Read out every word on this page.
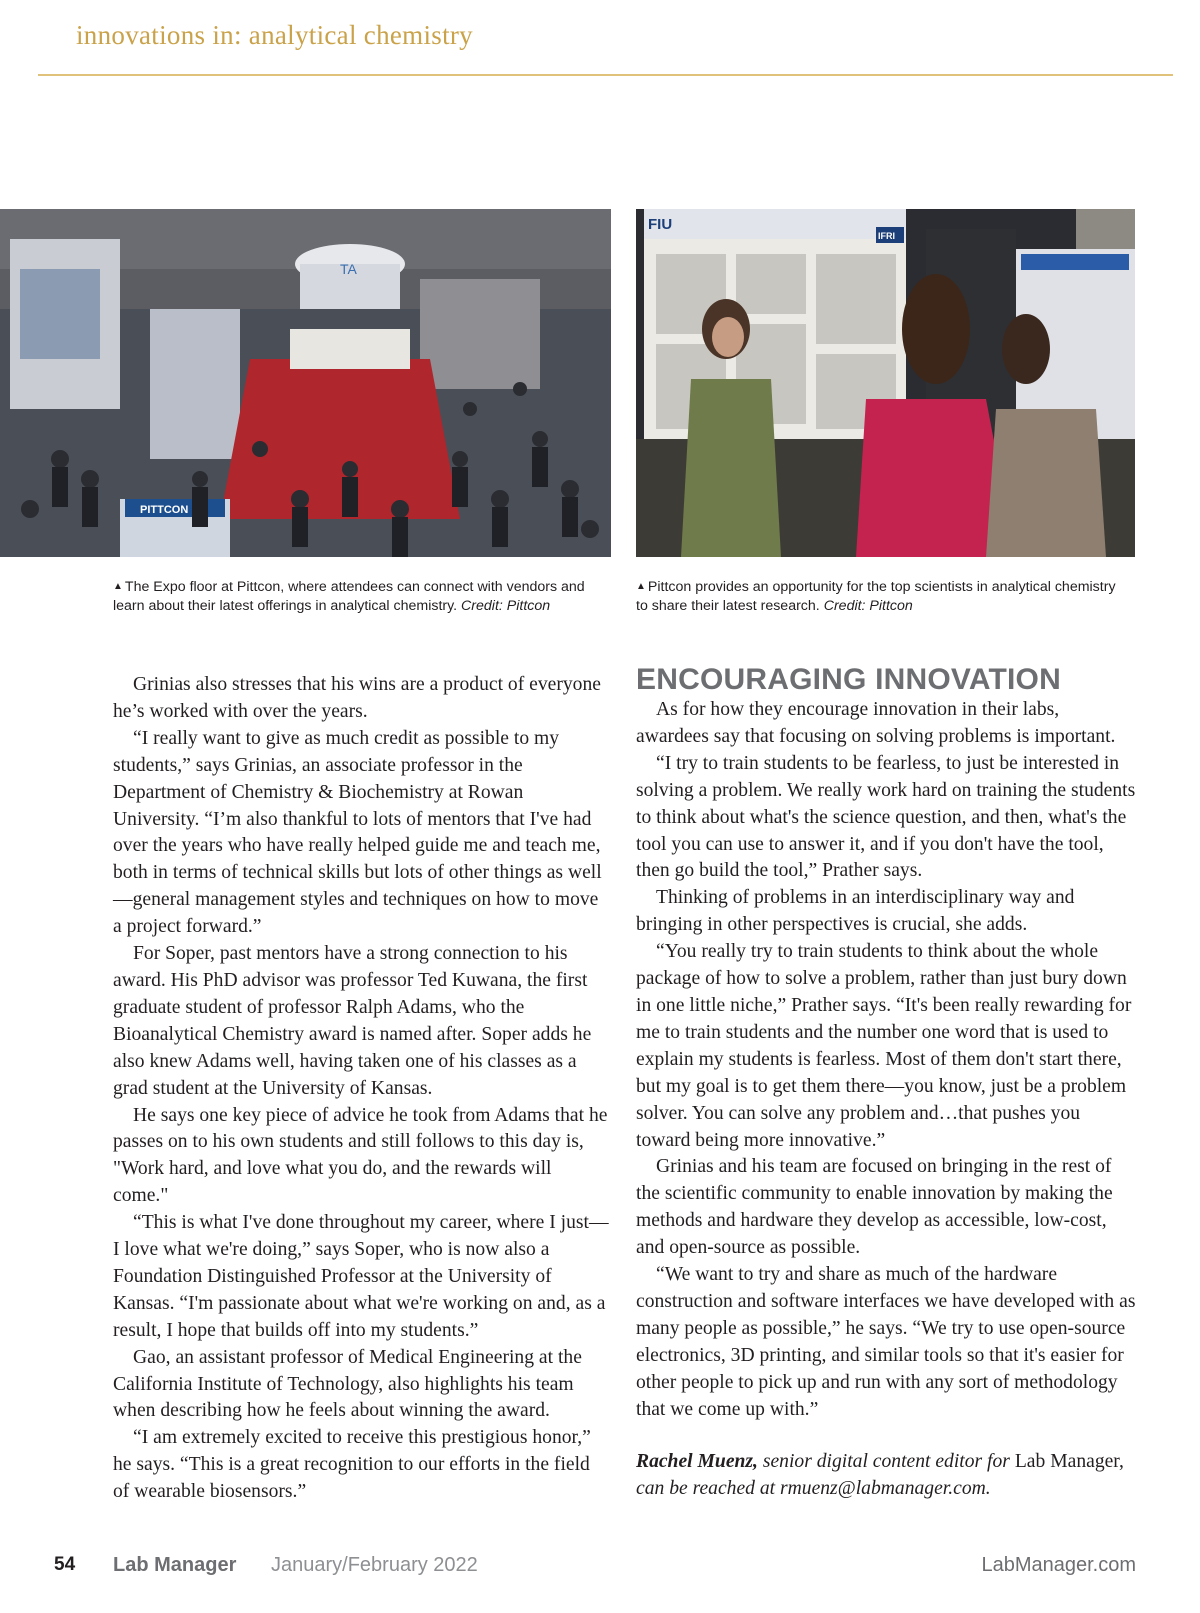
innovations in: analytical chemistry
TA
PITTCON
FIU
IFRI
▲ The Expo floor at Pittcon, where attendees can connect with vendors and learn about their latest offerings in analytical chemistry. Credit: Pittcon
▲ Pittcon provides an opportunity for the top scientists in analytical chemistry to share their latest research. Credit: Pittcon

Grinias also stresses that his wins are a product of everyone he’s worked with over the years.

“I really want to give as much credit as possible to my students,” says Grinias, an associate professor in the Department of Chemistry & Biochemistry at Rowan University. “I’m also thankful to lots of mentors that I've had over the years who have really helped guide me and teach me, both in terms of technical skills but lots of other things as well—general management styles and techniques on how to move a project forward.”

For Soper, past mentors have a strong connection to his award. His PhD advisor was professor Ted Kuwana, the first graduate student of professor Ralph Adams, who the Bioanalytical Chemistry award is named after. Soper adds he also knew Adams well, having taken one of his classes as a grad student at the University of Kansas.

He says one key piece of advice he took from Adams that he passes on to his own students and still follows to this day is, "Work hard, and love what you do, and the rewards will come."

“This is what I've done throughout my career, where I just—I love what we're doing,” says Soper, who is now also a Foundation Distinguished Professor at the University of Kansas. “I'm passionate about what we're working on and, as a result, I hope that builds off into my students.”

Gao, an assistant professor of Medical Engineering at the California Institute of Technology, also highlights his team when describing how he feels about winning the award.

“I am extremely excited to receive this prestigious honor,” he says. “This is a great recognition to our efforts in the field of wearable biosensors.”

ENCOURAGING INNOVATION

As for how they encourage innovation in their labs, awardees say that focusing on solving problems is important.

“I try to train students to be fearless, to just be interested in solving a problem. We really work hard on training the students to think about what's the science question, and then, what's the tool you can use to answer it, and if you don't have the tool, then go build the tool,” Prather says.

Thinking of problems in an interdisciplinary way and bringing in other perspectives is crucial, she adds.

“You really try to train students to think about the whole package of how to solve a problem, rather than just bury down in one little niche,” Prather says. “It's been really rewarding for me to train students and the number one word that is used to explain my students is fearless. Most of them don't start there, but my goal is to get them there—you know, just be a problem solver. You can solve any problem and…that pushes you toward being more innovative.”

Grinias and his team are focused on bringing in the rest of the scientific community to enable innovation by making the methods and hardware they develop as accessible, low-cost, and open-source as possible.

“We want to try and share as much of the hardware construction and software interfaces we have developed with as many people as possible,” he says. “We try to use open-source electronics, 3D printing, and similar tools so that it's easier for other people to pick up and run with any sort of methodology that we come up with.”

Rachel Muenz, senior digital content editor for Lab Manager, can be reached at rmuenz@labmanager.com.
54 Lab Manager January/February 2022	LabManager.com
